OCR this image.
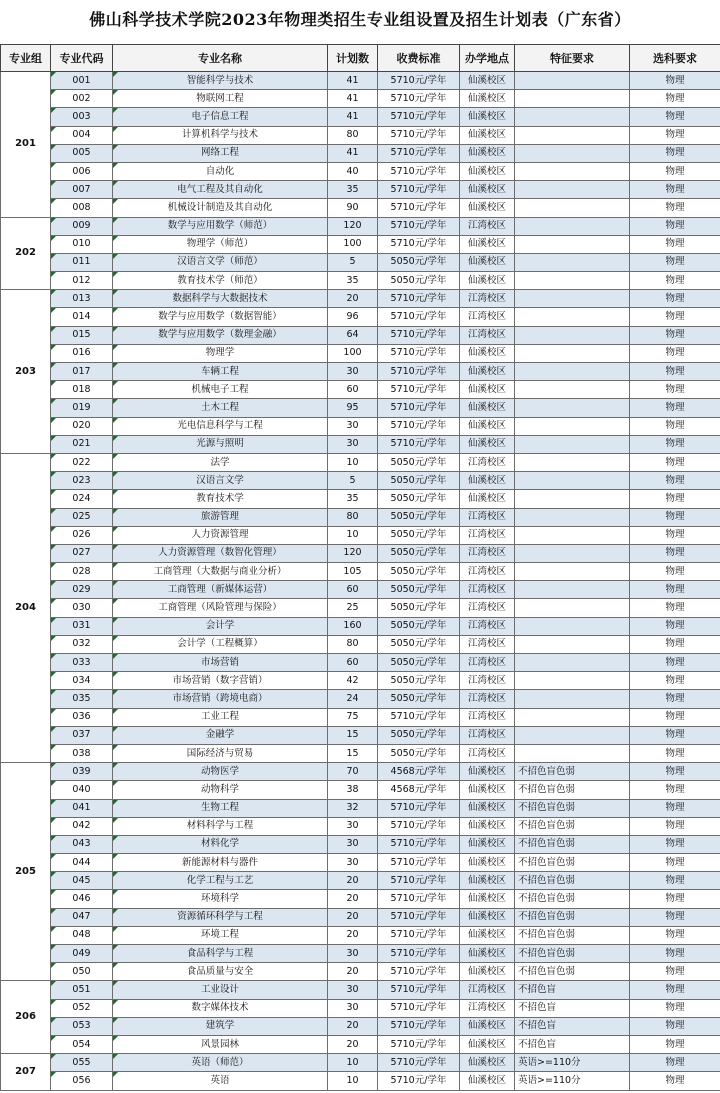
佛山科学技术学院2023年物理类招生专业组设置及招生计划表（广东省）
专业组	专业代码	专业名称	计划数	收费标准	办学地点	特征要求	选科要求
201	001	智能科学与技术	41	5710元/学年	仙溪校区		物理

002	物联网工程	41	5710元/学年	仙溪校区		物理

003	电子信息工程	41	5710元/学年	仙溪校区		物理

004	计算机科学与技术	80	5710元/学年	仙溪校区		物理

005	网络工程	41	5710元/学年	仙溪校区		物理

006	自动化	40	5710元/学年	仙溪校区		物理

007	电气工程及其自动化	35	5710元/学年	仙溪校区		物理

008	机械设计制造及其自动化	90	5710元/学年	仙溪校区		物理
202	009	数学与应用数学（师范）	120	5710元/学年	江湾校区		物理

010	物理学（师范）	100	5710元/学年	仙溪校区		物理

011	汉语言文学（师范）	5	5050元/学年	仙溪校区		物理

012	教育技术学（师范）	35	5050元/学年	仙溪校区		物理
203	013	数据科学与大数据技术	20	5710元/学年	江湾校区		物理

014	数学与应用数学（数据智能）	96	5710元/学年	江湾校区		物理

015	数学与应用数学（数理金融）	64	5710元/学年	江湾校区		物理

016	物理学	100	5710元/学年	仙溪校区		物理

017	车辆工程	30	5710元/学年	仙溪校区		物理

018	机械电子工程	60	5710元/学年	仙溪校区		物理

019	土木工程	95	5710元/学年	仙溪校区		物理

020	光电信息科学与工程	30	5710元/学年	仙溪校区		物理

021	光源与照明	30	5710元/学年	仙溪校区		物理
204	022	法学	10	5050元/学年	江湾校区		物理

023	汉语言文学	5	5050元/学年	仙溪校区		物理

024	教育技术学	35	5050元/学年	仙溪校区		物理

025	旅游管理	80	5050元/学年	江湾校区		物理

026	人力资源管理	10	5050元/学年	江湾校区		物理

027	人力资源管理（数智化管理）	120	5050元/学年	江湾校区		物理

028	工商管理（大数据与商业分析）	105	5050元/学年	江湾校区		物理

029	工商管理（新媒体运营）	60	5050元/学年	江湾校区		物理

030	工商管理（风险管理与保险）	25	5050元/学年	江湾校区		物理

031	会计学	160	5050元/学年	江湾校区		物理

032	会计学（工程概算）	80	5050元/学年	江湾校区		物理

033	市场营销	60	5050元/学年	江湾校区		物理

034	市场营销（数字营销）	42	5050元/学年	江湾校区		物理

035	市场营销（跨境电商）	24	5050元/学年	江湾校区		物理

036	工业工程	75	5710元/学年	江湾校区		物理

037	金融学	15	5050元/学年	江湾校区		物理

038	国际经济与贸易	15	5050元/学年	江湾校区		物理
205	039	动物医学	70	4568元/学年	仙溪校区	不招色盲色弱	物理

040	动物科学	38	4568元/学年	仙溪校区	不招色盲色弱	物理

041	生物工程	32	5710元/学年	仙溪校区	不招色盲色弱	物理

042	材料科学与工程	30	5710元/学年	仙溪校区	不招色盲色弱	物理

043	材料化学	30	5710元/学年	仙溪校区	不招色盲色弱	物理

044	新能源材料与器件	30	5710元/学年	仙溪校区	不招色盲色弱	物理

045	化学工程与工艺	20	5710元/学年	仙溪校区	不招色盲色弱	物理

046	环境科学	20	5710元/学年	仙溪校区	不招色盲色弱	物理

047	资源循环科学与工程	20	5710元/学年	仙溪校区	不招色盲色弱	物理

048	环境工程	20	5710元/学年	仙溪校区	不招色盲色弱	物理

049	食品科学与工程	30	5710元/学年	仙溪校区	不招色盲色弱	物理

050	食品质量与安全	20	5710元/学年	仙溪校区	不招色盲色弱	物理
206	051	工业设计	30	5710元/学年	江湾校区	不招色盲	物理

052	数字媒体技术	30	5710元/学年	江湾校区	不招色盲	物理

053	建筑学	20	5710元/学年	仙溪校区	不招色盲	物理

054	风景园林	20	5710元/学年	仙溪校区	不招色盲	物理
207	055	英语（师范）	10	5710元/学年	仙溪校区	英语>=110分	物理

056	英语	10	5710元/学年	仙溪校区	英语>=110分	物理
